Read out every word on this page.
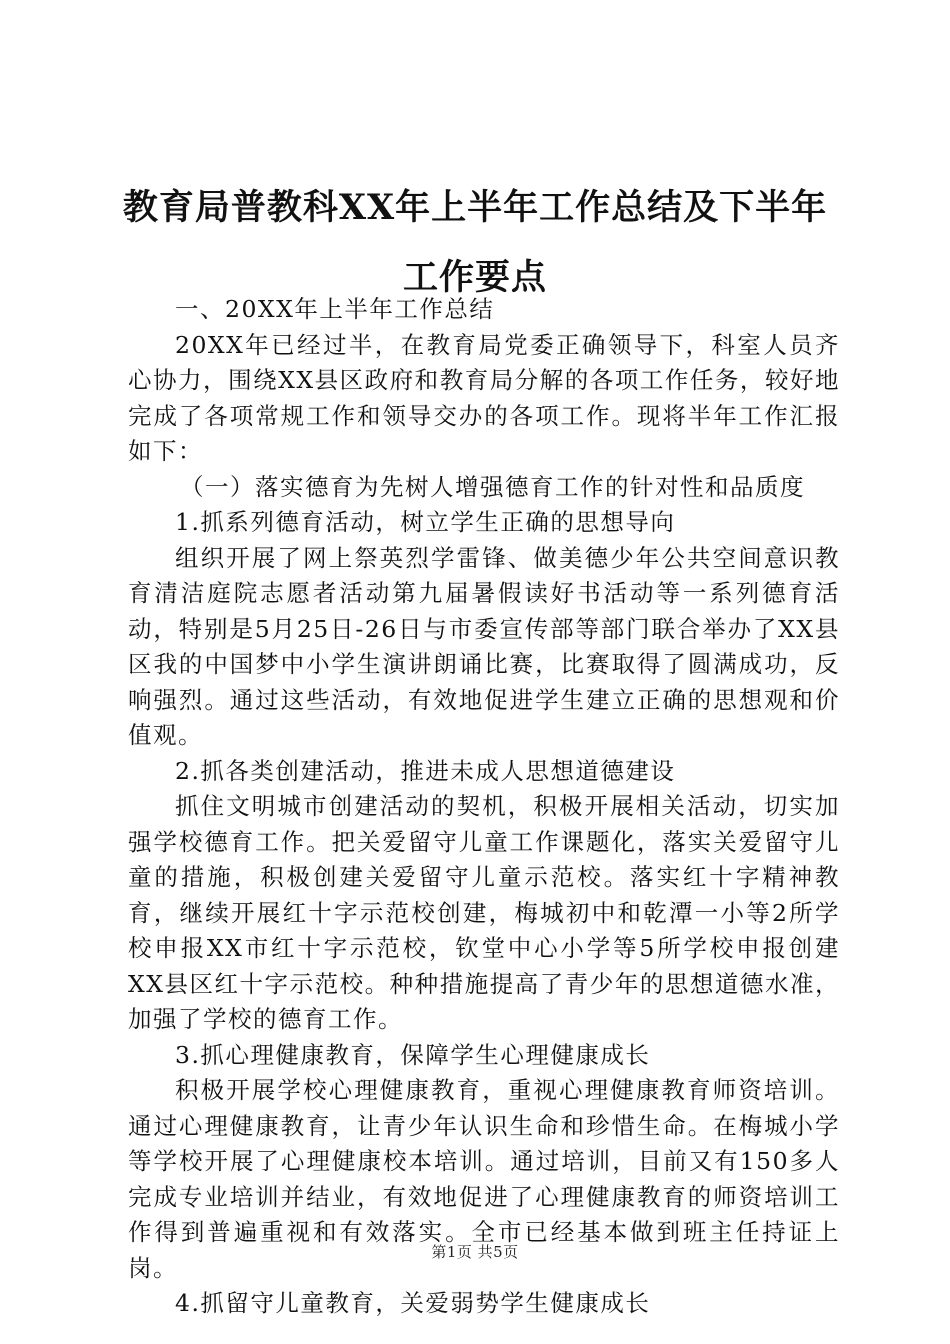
教育局普教科XX年上半年工作总结及下半年
工作要点

一、20XX年上半年工作总结

20XX年已经过半，在教育局党委正确领导下，科室人员齐心协力，围绕XX县区政府和教育局分解的各项工作任务，较好地完成了各项常规工作和领导交办的各项工作。现将半年工作汇报如下：

（一）落实德育为先树人增强德育工作的针对性和品质度

1.抓系列德育活动，树立学生正确的思想导向

组织开展了网上祭英烈学雷锋、做美德少年公共空间意识教育清洁庭院志愿者活动第九届暑假读好书活动等一系列德育活动，特别是5月25日-26日与市委宣传部等部门联合举办了XX县区我的中国梦中小学生演讲朗诵比赛，比赛取得了圆满成功，反响强烈。通过这些活动，有效地促进学生建立正确的思想观和价值观。

2.抓各类创建活动，推进未成人思想道德建设

抓住文明城市创建活动的契机，积极开展相关活动，切实加强学校德育工作。把关爱留守儿童工作课题化，落实关爱留守儿童的措施，积极创建关爱留守儿童示范校。落实红十字精神教育，继续开展红十字示范校创建，梅城初中和乾潭一小等2所学校申报XX市红十字示范校，钦堂中心小学等5所学校申报创建XX县区红十字示范校。种种措施提高了青少年的思想道德水准，加强了学校的德育工作。

3.抓心理健康教育，保障学生心理健康成长

积极开展学校心理健康教育，重视心理健康教育师资培训。通过心理健康教育，让青少年认识生命和珍惜生命。在梅城小学等学校开展了心理健康校本培训。通过培训，目前又有150多人完成专业培训并结业，有效地促进了心理健康教育的师资培训工作得到普遍重视和有效落实。全市已经基本做到班主任持证上岗。

4.抓留守儿童教育，关爱弱势学生健康成长

第1页 共5页
